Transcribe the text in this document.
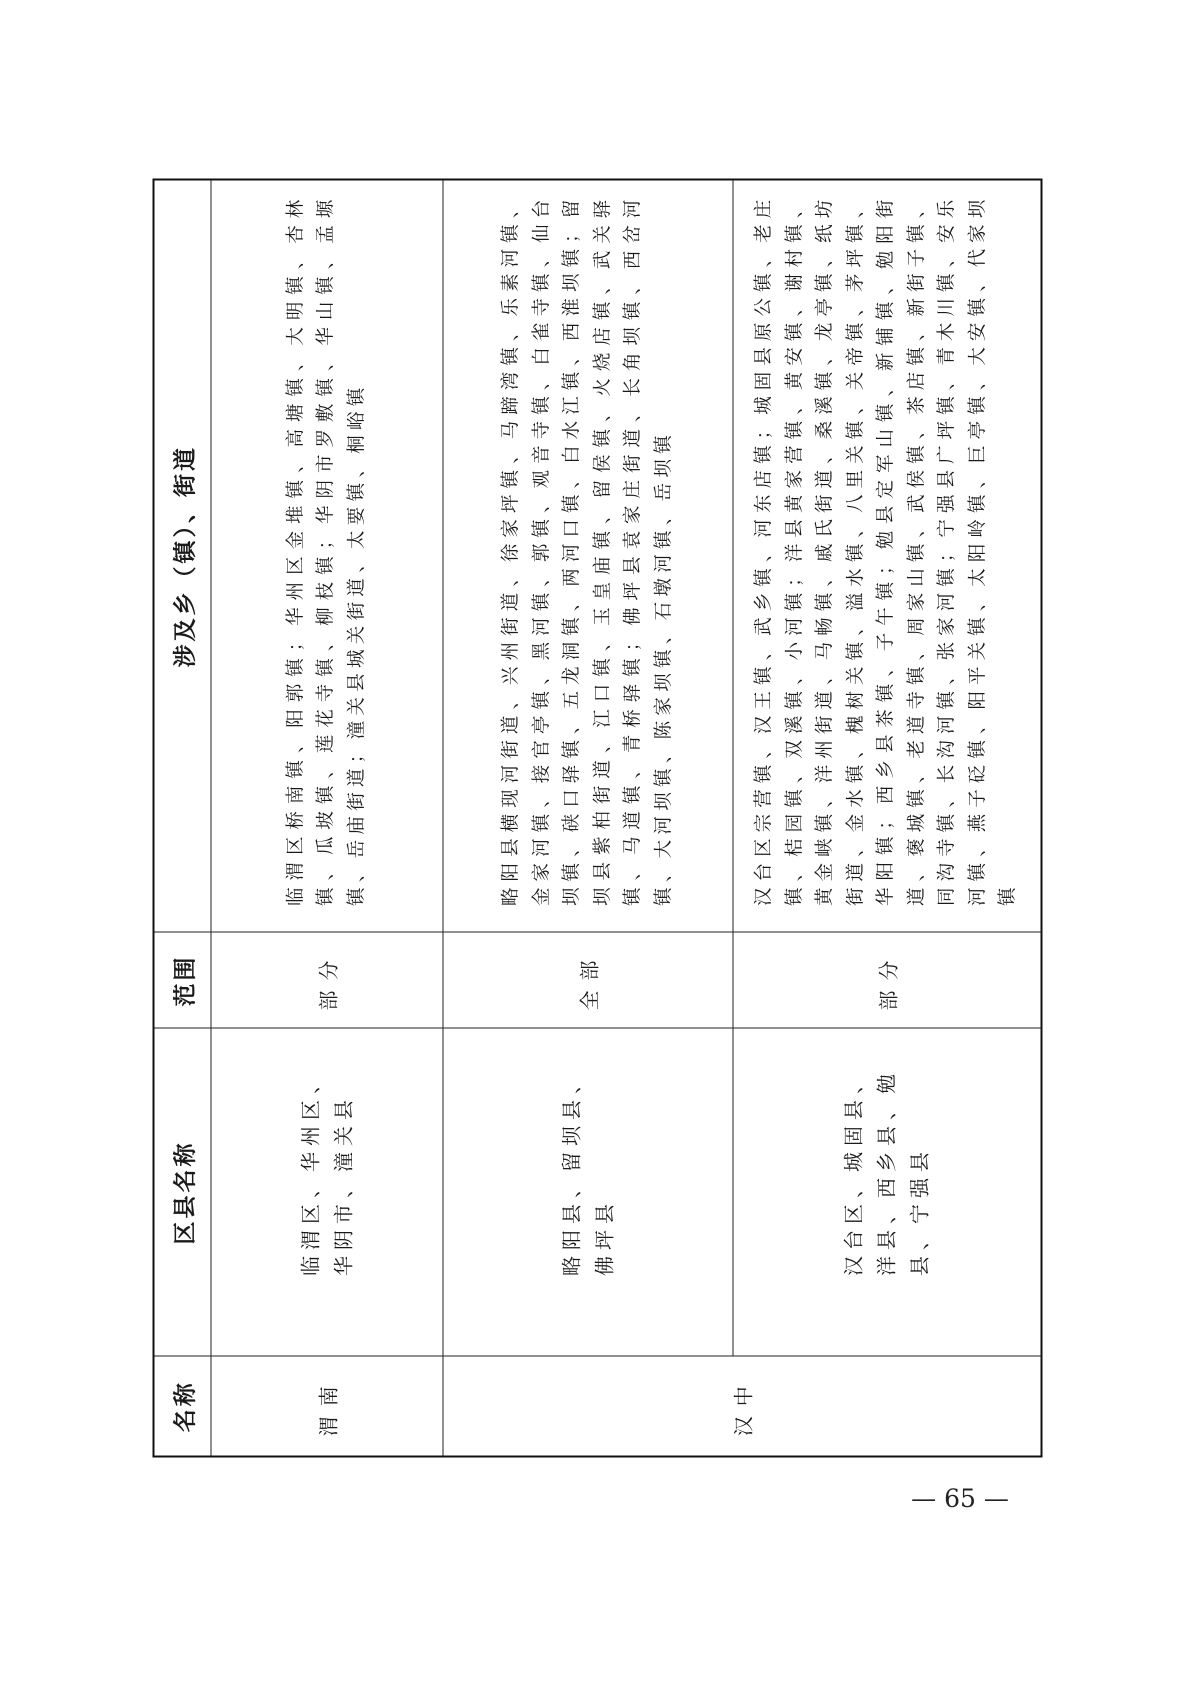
名称	区县名称	范围	涉及乡（镇）、街道
渭南	临渭区、华州区、华阴市、潼关县	部分	临渭区桥南镇、阳郭镇；华州区金堆镇、高塘镇、大明镇、杏林镇、瓜坡镇、莲花寺镇、柳枝镇；华阴市罗敷镇、华山镇、孟塬镇、岳庙街道；潼关县城关街道、太要镇、桐峪镇
汉中	略阳县、留坝县、佛坪县	全部	略阳县横现河街道、兴州街道、徐家坪镇、马蹄湾镇、乐素河镇、金家河镇、接官亭镇、黑河镇、郭镇、观音寺镇、白雀寺镇、仙台坝镇、硖口驿镇、五龙洞镇、两河口镇、白水江镇、西淮坝镇；留坝县紫柏街道、江口镇、玉皇庙镇、留侯镇、火烧店镇、武关驿镇、马道镇、青桥驿镇；佛坪县袁家庄街道、长角坝镇、西岔河镇、大河坝镇、陈家坝镇、石墩河镇、岳坝镇
	汉台区、城固县、洋县、西乡县、勉县、宁强县	部分	汉台区宗营镇、汉王镇、武乡镇、河东店镇；城固县原公镇、老庄镇、桔园镇、双溪镇、小河镇；洋县黄家营镇、黄安镇、谢村镇、黄金峡镇、洋州街道、马畅镇、戚氏街道、桑溪镇、龙亭镇、纸坊街道、金水镇、槐树关镇、溢水镇、八里关镇、关帝镇、茅坪镇、华阳镇；西乡县茶镇、子午镇；勉县定军山镇、新铺镇、勉阳街道、褒城镇、老道寺镇、周家山镇、武侯镇、茶店镇、新街子镇、同沟寺镇、长沟河镇、张家河镇；宁强县广坪镇、青木川镇、安乐河镇、燕子砭镇、阳平关镇、太阳岭镇、巨亭镇、大安镇、代家坝镇
— 65 —
